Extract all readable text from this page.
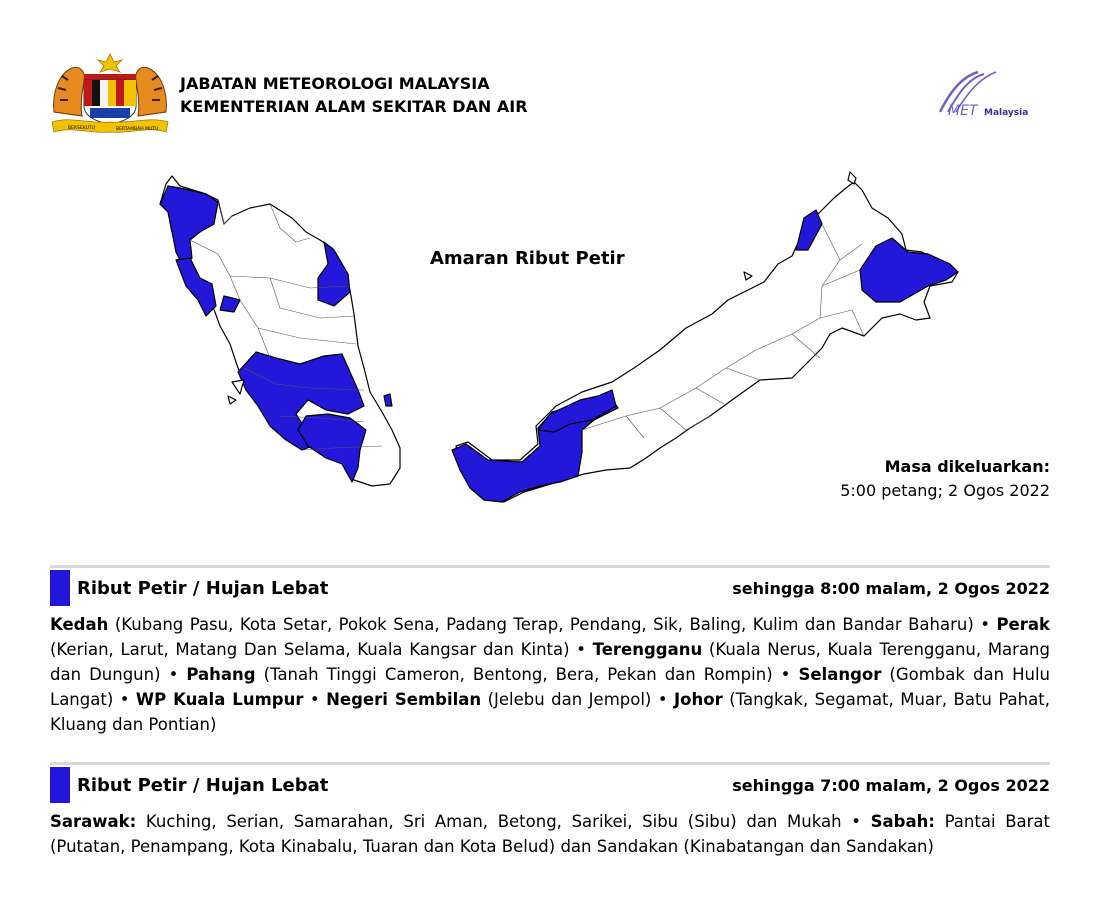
BERSEKUTU	BERTAMBAH MUTU
JABATAN METEOROLOGI MALAYSIA
KEMENTERIAN ALAM SEKITAR DAN AIR	MET Malaysia
Amaran Ribut Petir
Masa dikeluarkan:
5:00 petang; 2 Ogos 2022
Ribut Petir / Hujan Lebat	sehingga 8:00 malam, 2 Ogos 2022
Kedah (Kubang Pasu, Kota Setar, Pokok Sena, Padang Terap, Pendang, Sik, Baling, Kulim dan Bandar Baharu) • Perak (Kerian, Larut, Matang Dan Selama, Kuala Kangsar dan Kinta) • Terengganu (Kuala Nerus, Kuala Terengganu, Marang dan Dungun) • Pahang (Tanah Tinggi Cameron, Bentong, Bera, Pekan dan Rompin) • Selangor (Gombak dan Hulu Langat) • WP Kuala Lumpur • Negeri Sembilan (Jelebu dan Jempol) • Johor (Tangkak, Segamat, Muar, Batu Pahat, Kluang dan Pontian)
Ribut Petir / Hujan Lebat	sehingga 7:00 malam, 2 Ogos 2022
Sarawak: Kuching, Serian, Samarahan, Sri Aman, Betong, Sarikei, Sibu (Sibu) dan Mukah • Sabah: Pantai Barat (Putatan, Penampang, Kota Kinabalu, Tuaran dan Kota Belud) dan Sandakan (Kinabatangan dan Sandakan)
